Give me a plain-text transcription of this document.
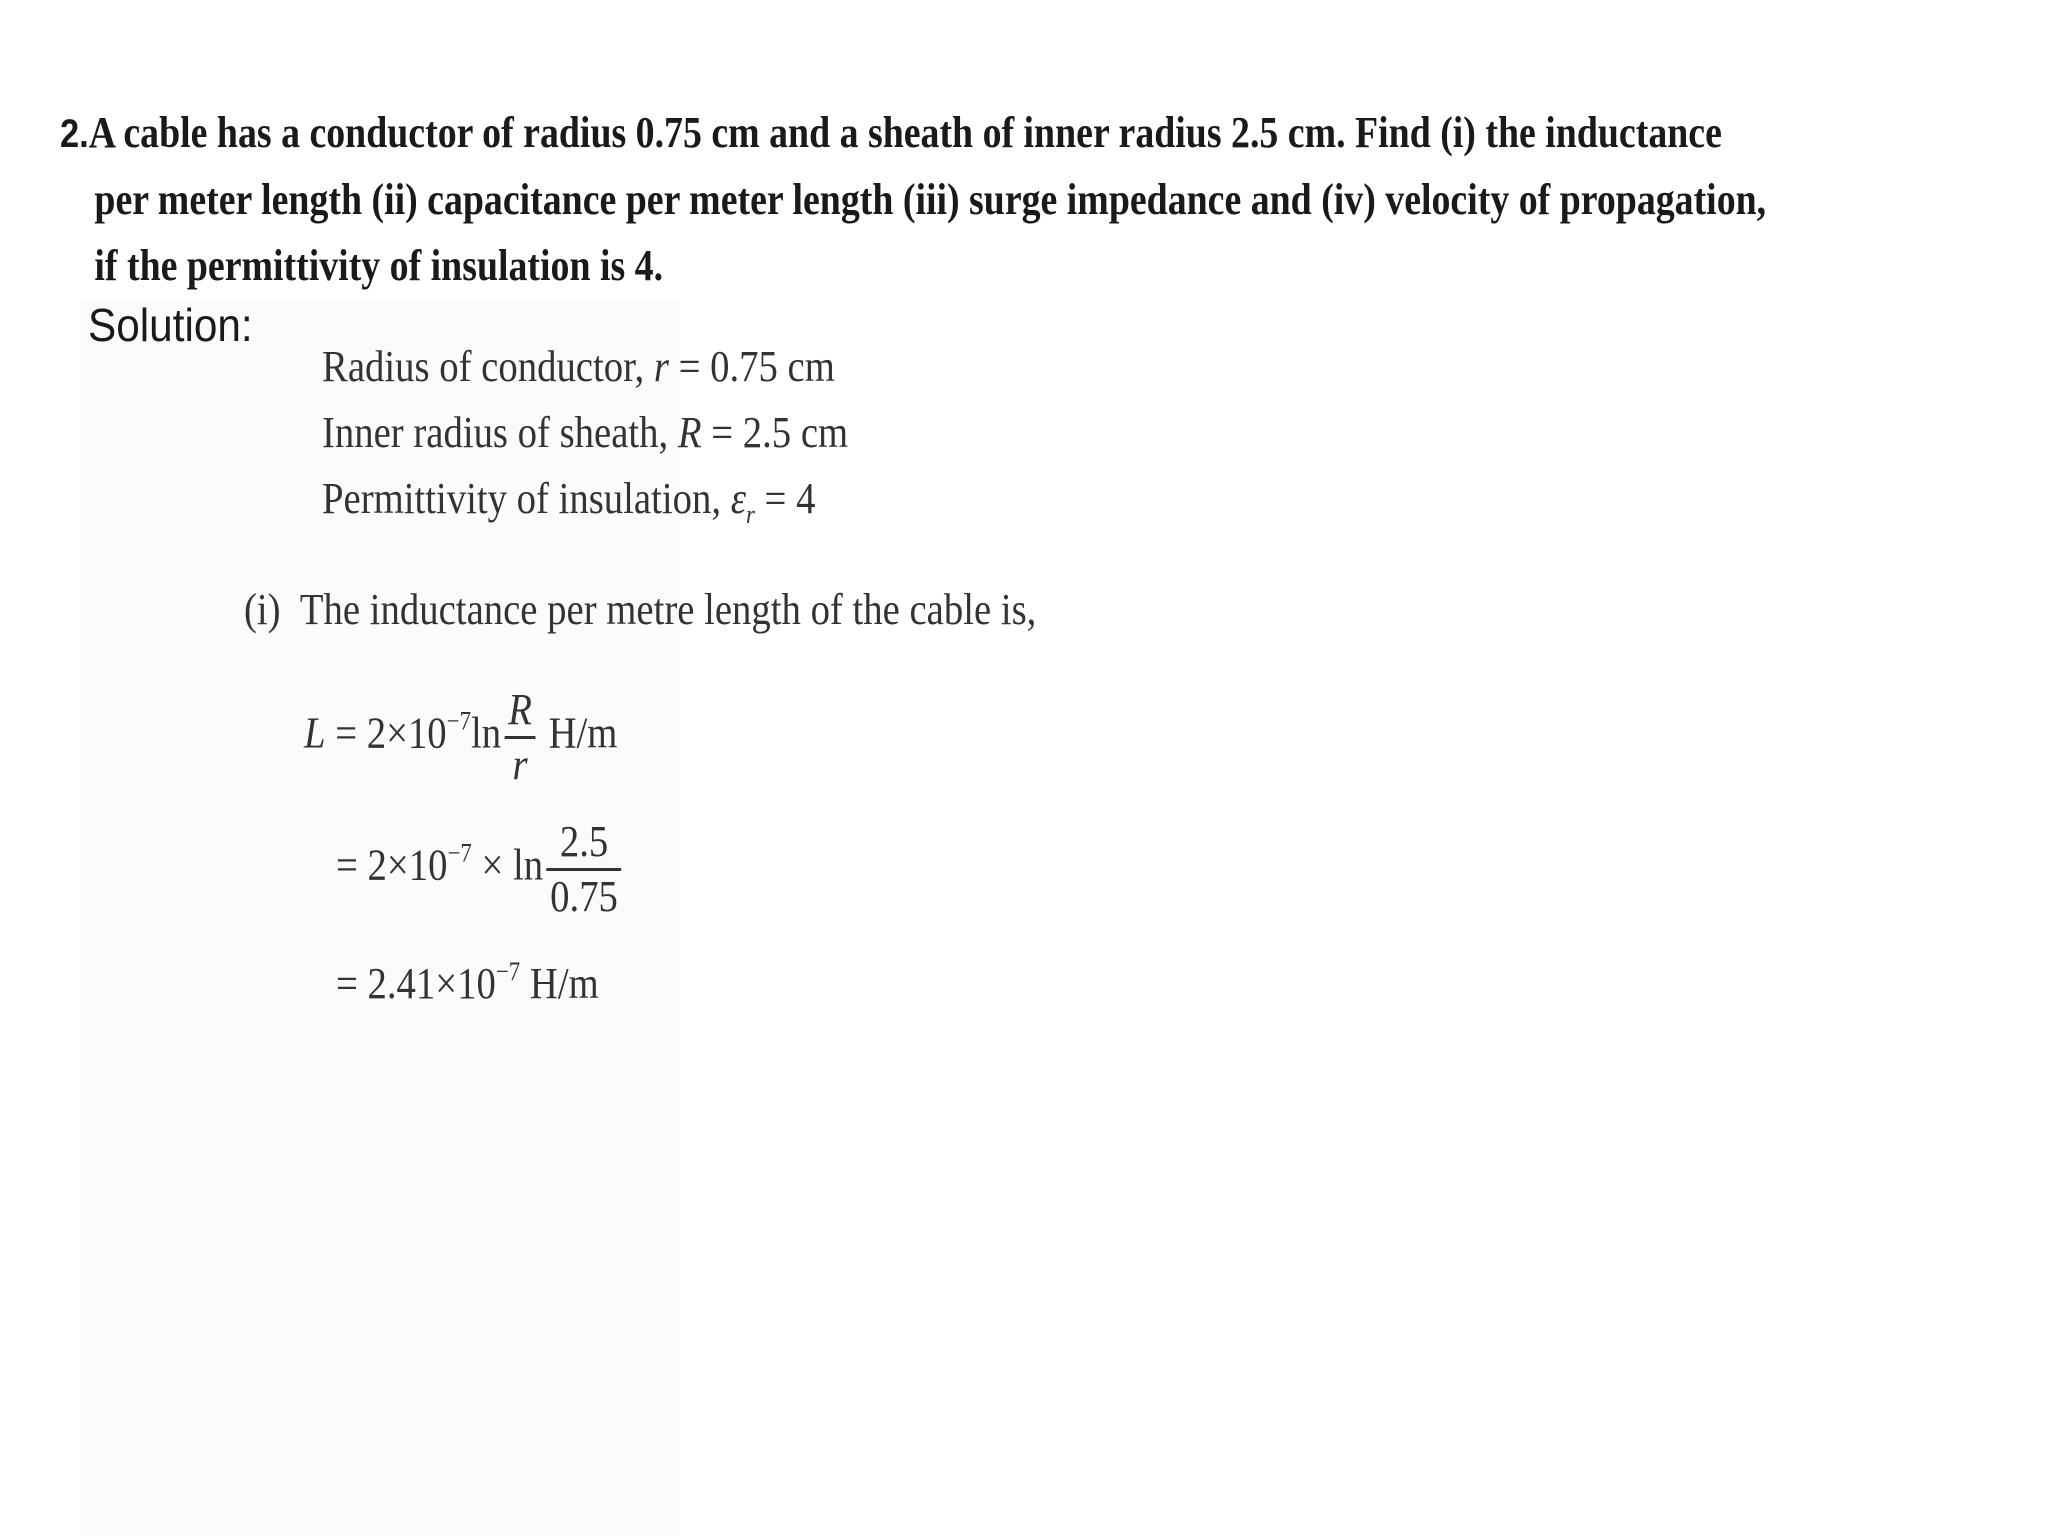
2.A cable has a conductor of radius 0.75 cm and a sheath of inner radius 2.5 cm. Find (i) the inductance
per meter length (ii) capacitance per meter length (iii) surge impedance and (iv) velocity of propagation,
if the permittivity of insulation is 4.
Solution:
Radius of conductor, r = 0.75 cm
Inner radius of sheath, R = 2.5 cm
Permittivity of insulation, $\varepsilon_r = 4$
(i) The inductance per metre length of the cable is,
$L = 2\times 10^{-7}\ln \frac{R}{r} H/m$
= $2\times 10^{-7} \times \ln \frac{2.5}{0.75}$
= $2.41\times 10^{-7}$ H/m
